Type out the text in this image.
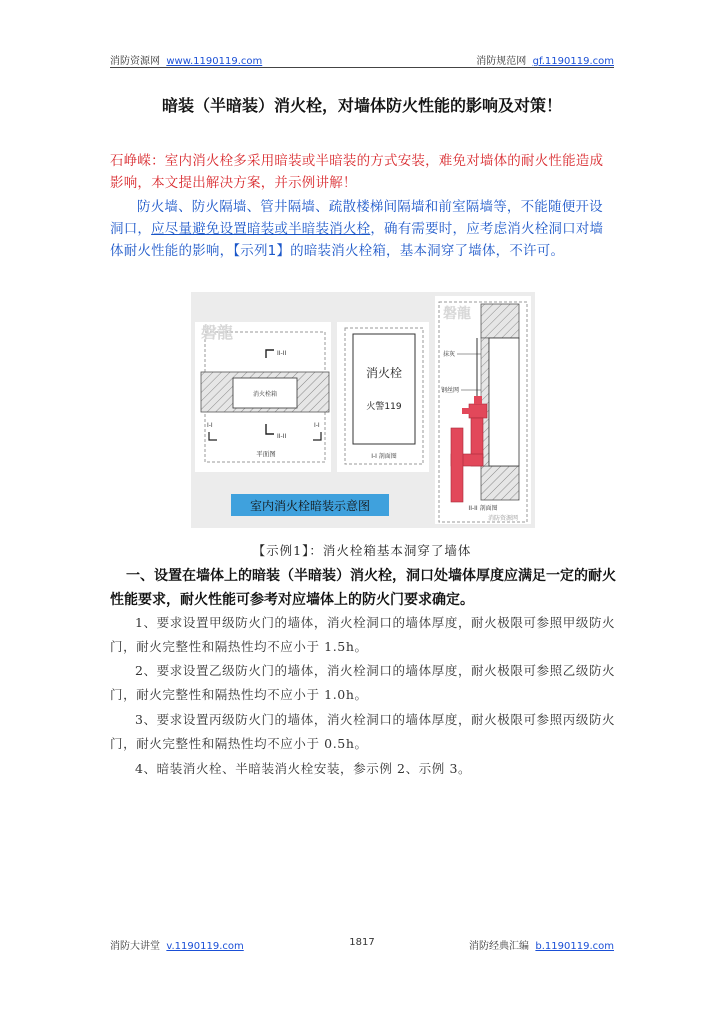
消防资源网 www.1190119.com	消防规范网 gf.1190119.com
暗装（半暗装）消火栓，对墙体防火性能的影响及对策！
石峥嵘：室内消火栓多采用暗装或半暗装的方式安装，难免对墙体的耐火性能造成影响，本文提出解决方案，并示例讲解！
防火墙、防火隔墙、管井隔墙、疏散楼梯间隔墙和前室隔墙等，不能随便开设洞口，应尽量避免设置暗装或半暗装消火栓，确有需要时，应考虑消火栓洞口对墙体耐火性能的影响，【示列1】的暗装消火栓箱，基本洞穿了墙体，不许可。
磐龍
消火栓箱
II-II
II-II
I-I	I-I
平面图
消火栓
火警119
I-I 剖面图
磐龍
抹灰
钢丝网
II-II 剖面图
消防资源网
室内消火栓暗装示意图
【示例1】：消火栓箱基本洞穿了墙体
一、设置在墙体上的暗装（半暗装）消火栓，洞口处墙体厚度应满足一定的耐火性能要求，耐火性能可参考对应墙体上的防火门要求确定。
1、要求设置甲级防火门的墙体，消火栓洞口的墙体厚度，耐火极限可参照甲级防火门，耐火完整性和隔热性均不应小于 1.5h。
2、要求设置乙级防火门的墙体，消火栓洞口的墙体厚度，耐火极限可参照乙级防火门，耐火完整性和隔热性均不应小于 1.0h。
3、要求设置丙级防火门的墙体，消火栓洞口的墙体厚度，耐火极限可参照丙级防火门，耐火完整性和隔热性均不应小于 0.5h。
4、暗装消火栓、半暗装消火栓安装，参示例 2、示例 3。
消防大讲堂 v.1190119.com	1817	消防经典汇编 b.1190119.com
